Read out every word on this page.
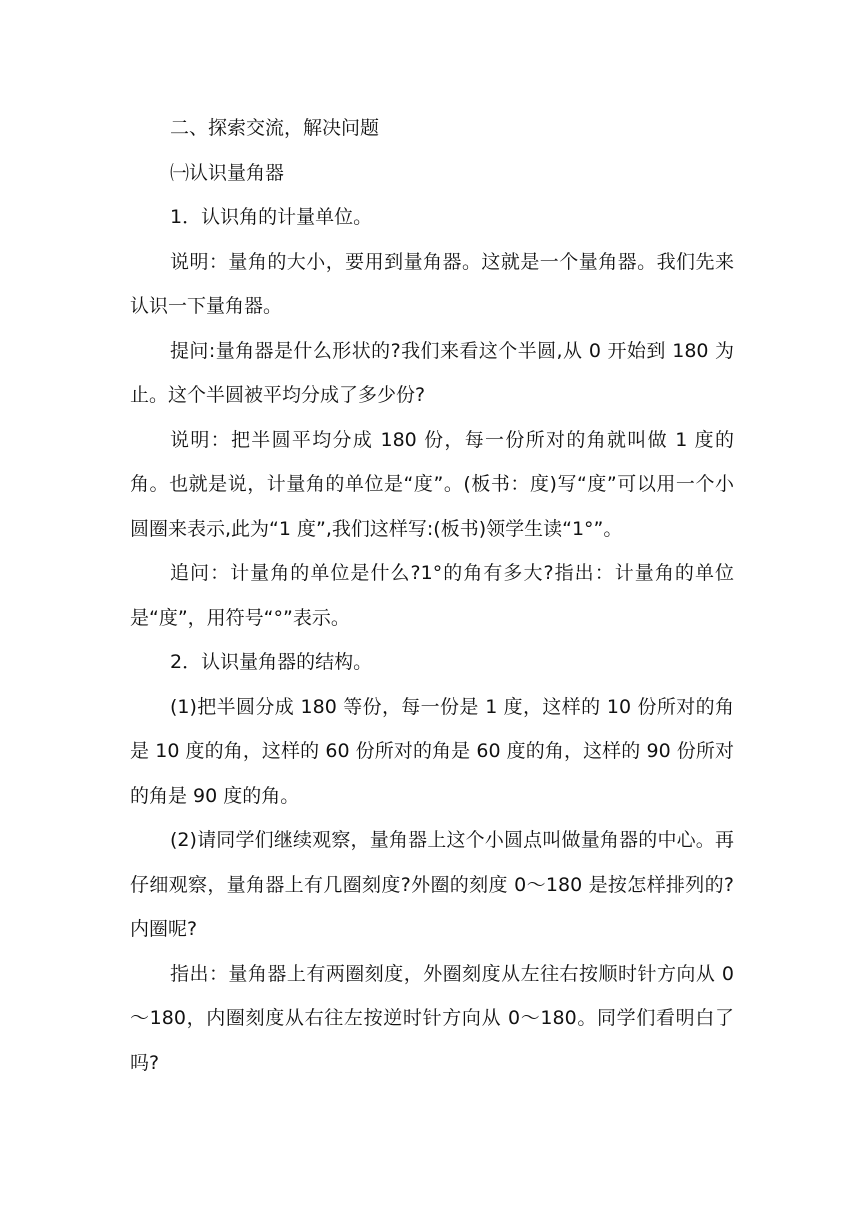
二、探索交流，解决问题

㈠认识量角器

1．认识角的计量单位。

说明：量角的大小，要用到量角器。这就是一个量角器。我们先来认识一下量角器。

提问:量角器是什么形状的?我们来看这个半圆,从 0 开始到 180 为止。这个半圆被平均分成了多少份?

说明：把半圆平均分成 180 份，每一份所对的角就叫做 1 度的角。也就是说，计量角的单位是“度”。(板书：度)写“度”可以用一个小圆圈来表示,此为“1 度”,我们这样写:(板书)领学生读“1°”。

追问：计量角的单位是什么?1°的角有多大?指出：计量角的单位是“度”，用符号“°”表示。

2．认识量角器的结构。

(1)把半圆分成 180 等份，每一份是 1 度，这样的 10 份所对的角是 10 度的角，这样的 60 份所对的角是 60 度的角，这样的 90 份所对的角是 90 度的角。

(2)请同学们继续观察，量角器上这个小圆点叫做量角器的中心。再仔细观察，量角器上有几圈刻度?外圈的刻度 0～180 是按怎样排列的?内圈呢?

指出：量角器上有两圈刻度，外圈刻度从左往右按顺时针方向从 0～180，内圈刻度从右往左按逆时针方向从 0～180。同学们看明白了吗?
